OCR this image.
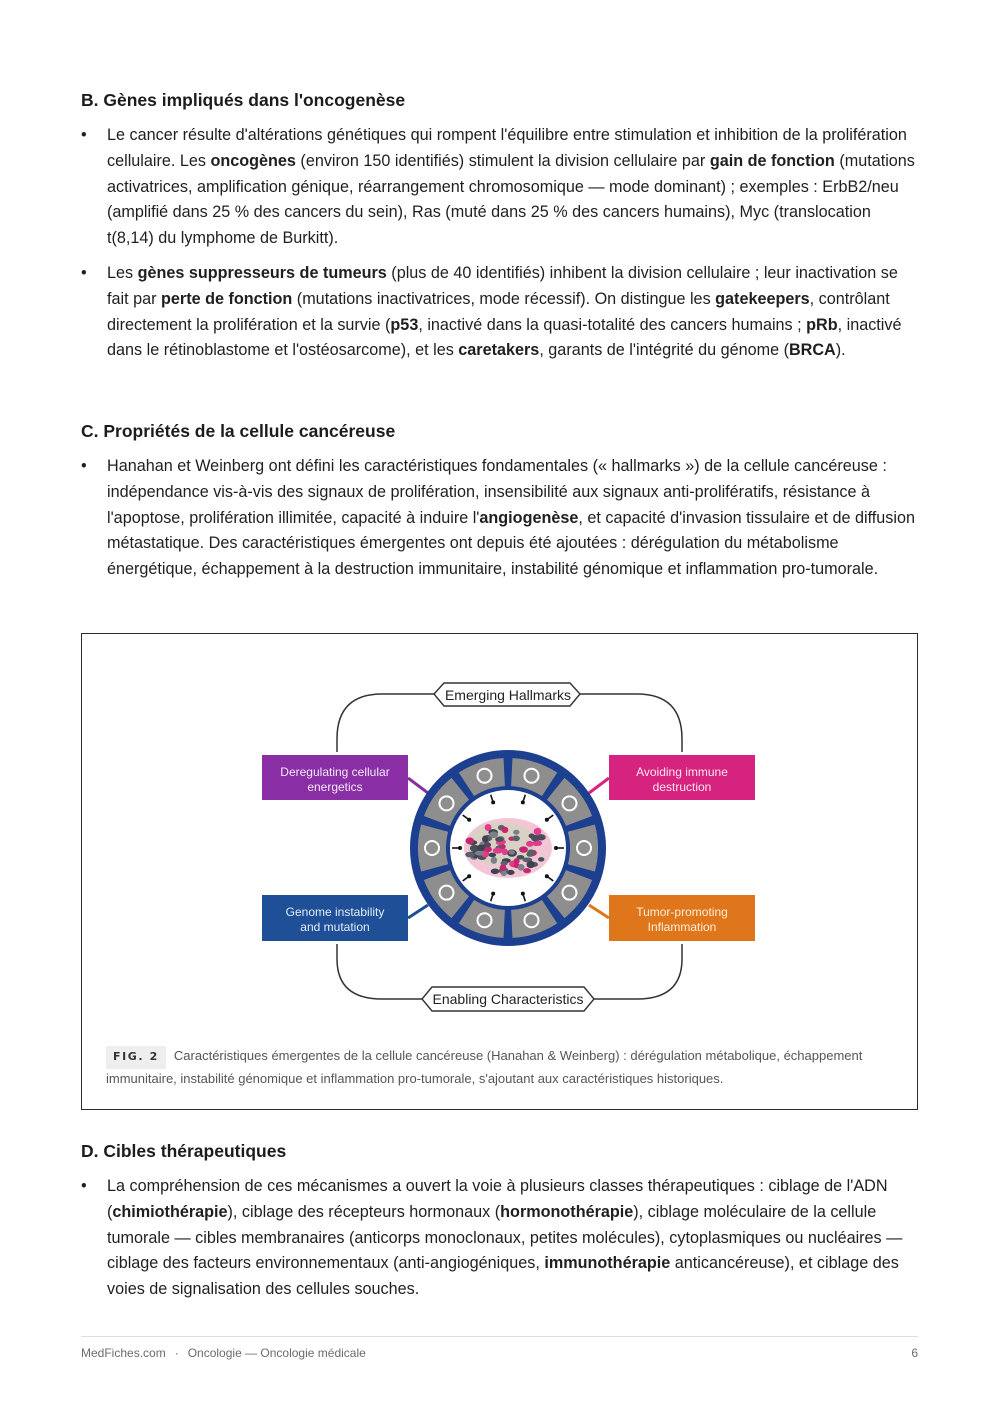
B. Gènes impliqués dans l'oncogenèse
•	Le cancer résulte d'altérations génétiques qui rompent l'équilibre entre stimulation et inhibition de la prolifération cellulaire. Les oncogènes (environ 150 identifiés) stimulent la division cellulaire par gain de fonction (mutations activatrices, amplification génique, réarrangement chromosomique — mode dominant) ; exemples : ErbB2/neu (amplifié dans 25 % des cancers du sein), Ras (muté dans 25 % des cancers humains), Myc (translocation t(8,14) du lymphome de Burkitt).
•	Les gènes suppresseurs de tumeurs (plus de 40 identifiés) inhibent la division cellulaire ; leur inactivation se fait par perte de fonction (mutations inactivatrices, mode récessif). On distingue les gatekeepers, contrôlant directement la prolifération et la survie (p53, inactivé dans la quasi-totalité des cancers humains ; pRb, inactivé dans le rétinoblastome et l'ostéosarcome), et les caretakers, garants de l'intégrité du génome (BRCA).
C. Propriétés de la cellule cancéreuse
•	Hanahan et Weinberg ont défini les caractéristiques fondamentales (« hallmarks ») de la cellule cancéreuse : indépendance vis-à-vis des signaux de prolifération, insensibilité aux signaux anti-prolifératifs, résistance à l'apoptose, prolifération illimitée, capacité à induire l'angiogenèse, et capacité d'invasion tissulaire et de diffusion métastatique. Des caractéristiques émergentes ont depuis été ajoutées : dérégulation du métabolisme énergétique, échappement à la destruction immunitaire, instabilité génomique et inflammation pro-tumorale.
D. Cibles thérapeutiques
•	La compréhension de ces mécanismes a ouvert la voie à plusieurs classes thérapeutiques : ciblage de l'ADN (chimiothérapie), ciblage des récepteurs hormonaux (hormonothérapie), ciblage moléculaire de la cellule tumorale — cibles membranaires (anticorps monoclonaux, petites molécules), cytoplasmiques ou nucléaires — ciblage des facteurs environnementaux (anti-angiogéniques, immunothérapie anticancéreuse), et ciblage des voies de signalisation des cellules souches.
Emerging Hallmarks
Enabling Characteristics
Deregulating cellular
energetics
Avoiding immune
destruction
Genome instability
and mutation
Tumor-promoting
Inflammation
FIG. 2 Caractéristiques émergentes de la cellule cancéreuse (Hanahan & Weinberg) : dérégulation métabolique, échappement immunitaire, instabilité génomique et inflammation pro-tumorale, s'ajoutant aux caractéristiques historiques.
MedFiches.com · Oncologie — Oncologie médicale	6
